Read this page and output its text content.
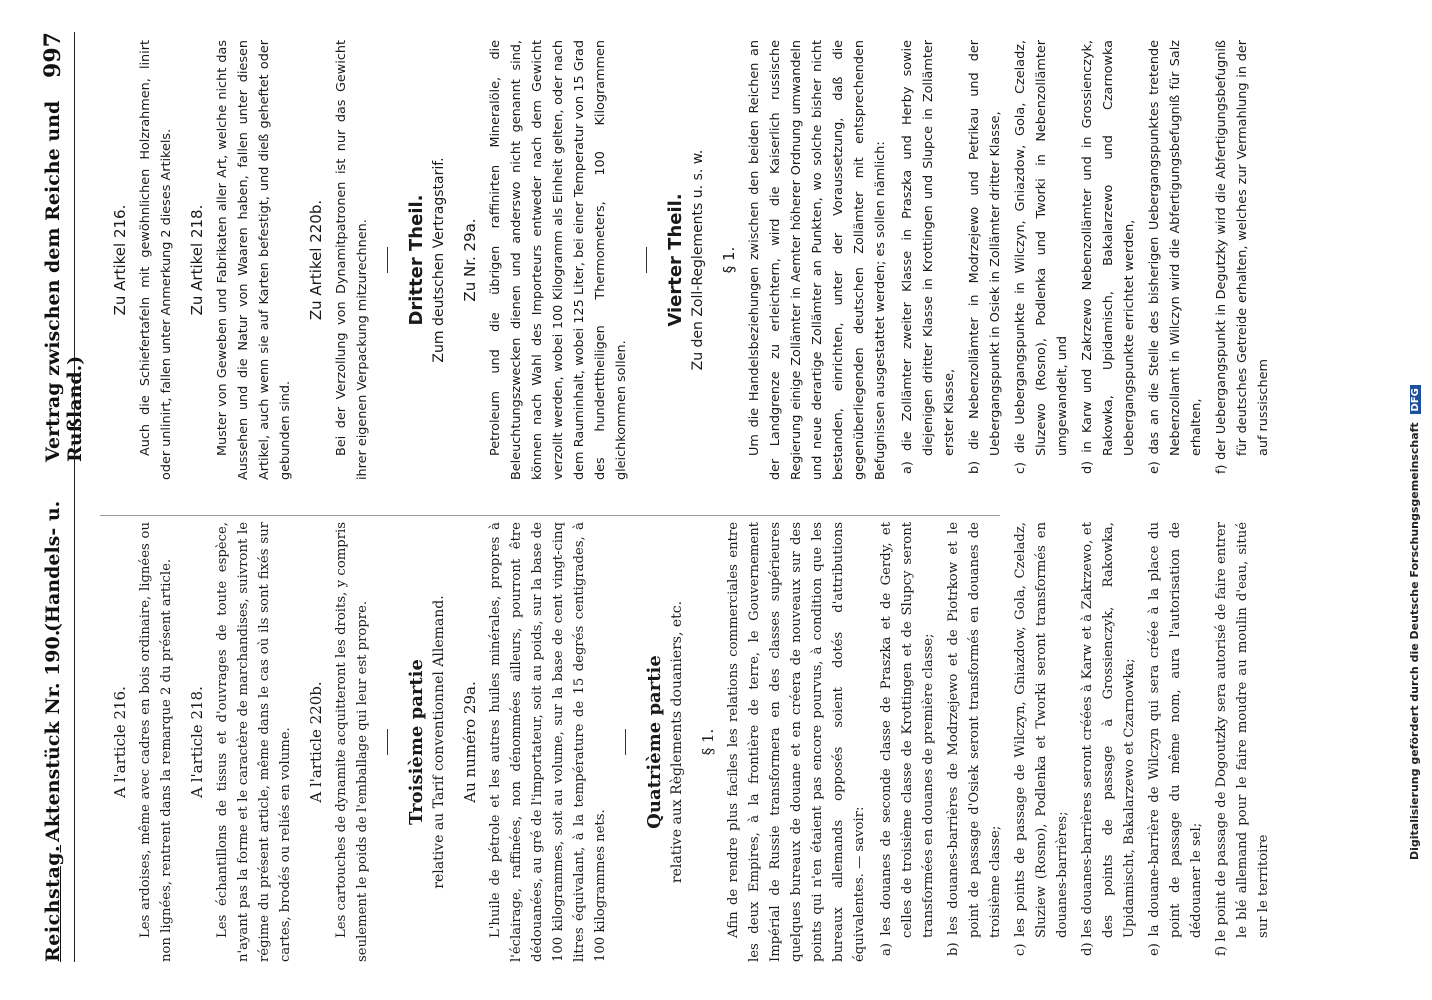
Reichstag.
Aktenstück Nr. 190.
(Handels- u.
Vertrag zwischen dem Reiche und Rußland.)
997
A l'article 216. Les ardoises, même avec cadres en bois ordinaire, lignées ou non lignées, rentrent dans la remarque 2 du présent article. A l'article 218. Les échantillons de tissus et d'ouvrages de toute espèce, n'ayant pas la forme et le caractère de marchandises, suivront le régime du présent article, même dans le cas où ils sont fixés sur cartes, brodés ou reliés en volume. A l'article 220b. Les cartouches de dynamite acquitteront les droits, y compris seulement le poids de l'emballage qui leur est propre. Troisième partie relative au Tarif conventionnel Allemand. Au numéro 29a. L'huile de pétrole et les autres huiles minérales, propres à l'éclairage, raffinées, non dénommées ailleurs, pourront être dédouanées, au gré de l'importateur, soit au poids, sur la base de 100 kilogrammes, soit au volume, sur la base de cent vingt-cinq litres équivalant, à la température de 15 degrés centigrades, à 100 kilogrammes nets.

Quatrième partie relative aux Règlements douaniers, etc. § 1. Afin de rendre plus faciles les relations commerciales entre les deux Empires, à la frontière de terre, le Gouvernement Impérial de Russie transformera en des classes supérieures quelques bureaux de douane et en créera de nouveaux sur des points qui n'en étaient pas encore pourvus, à condition que les bureaux allemands opposés soient dotés d'attributions équivalentes. — savoir: a) les douanes de seconde classe de Praszka et de Gerdy, et celles de troisième classe de Krottingen et de Slupcy seront transformées en douanes de première classe; b) les douanes-barrières de Modrzejewo et de Piotrkow et le point de passage d'Osiek seront transformés en douanes de troisième classe; c) les points de passage de Wilczyn, Gniazdow, Gola, Czeladz, Sluziew (Rosno), Podlenka et Tworki seront transformés en douanes-barrières; d) les douanes-barrières seront créées à Karw et à Zakrzewo, et des points de passage à Grossienczyk, Rakowka, Upidamischt, Bakalarzewo et Czarnowka; e) la douane-barrière de Wilczyn qui sera créée à la place du point de passage du même nom, aura l'autorisation de dédouaner le sel; f) le point de passage de Dogoutzky sera autorisé de faire entrer le blé allemand pour le faire moudre au moulin d'eau, situé sur le territoire
Zu Artikel 216. Auch die Schiefertafeln mit gewöhnlichen Holzrahmen, linirt oder unlinirt, fallen unter Anmerkung 2 dieses Artikels. Zu Artikel 218. Muster von Geweben und Fabrikaten aller Art, welche nicht das Aussehen und die Natur von Waaren haben, fallen unter diesen Artikel, auch wenn sie auf Karten befestigt, und dieß geheftet oder gebunden sind.

Zu Artikel 220b. Bei der Verzollung von Dynamitpatronen ist nur das Gewicht ihrer eigenen Verpackung mitzurechnen. Dritter Theil. Zum deutschen Vertragstarif. Zu Nr. 29a. Petroleum und die übrigen raffinirten Mineralöle, die Beleuchtungszwecken dienen und anderswo nicht genannt sind, können nach Wahl des Importeurs entweder nach dem Gewicht verzollt werden, wobei 100 Kilogramm als Einheit gelten, oder nach dem Rauminhalt, wobei 125 Liter, bei einer Temperatur von 15 Grad des hunderttheiligen Thermometers, 100 Kilogrammen gleichkommen sollen.

Vierter Theil. Zu den Zoll-Reglements u. s. w. § 1. Um die Handelsbeziehungen zwischen den beiden Reichen an der Landgrenze zu erleichtern, wird die Kaiserlich russische Regierung einige Zollämter in Aemter höherer Ordnung umwandeln und neue derartige Zollämter an Punkten, wo solche bisher nicht bestanden, einrichten, unter der Voraussetzung, daß die gegenüberliegenden deutschen Zollämter mit entsprechenden Befugnissen ausgestattet werden; es sollen nämlich: a) die Zollämter zweiter Klasse in Praszka und Herby sowie diejenigen dritter Klasse in Krottingen und Slupce in Zollämter erster Klasse, b) die Nebenzollämter in Modrzejewo und Petrikau und der Uebergangspunkt in Osiek in Zollämter dritter Klasse, c) die Uebergangspunkte in Wilczyn, Gniazdow, Gola, Czeladz, Sluzewo (Rosno), Podlenka und Tworki in Nebenzollämter umgewandelt, und d) in Karw und Zakrzewo Nebenzollämter und in Grossienczyk, Rakowka, Upidamisch, Bakalarzewo und Czarnowka Uebergangspunkte errichtet werden, e) das an die Stelle des bisherigen Uebergangspunktes tretende Nebenzollamt in Wilczyn wird die Abfertigungsbefugniß für Salz erhalten, f) der Uebergangspunkt in Degutzky wird die Abfertigungsbefugniß für deutsches Getreide erhalten, welches zur Vermahlung in der auf russischem
Digitalisierung gefördert durch die Deutsche Forschungsgemeinschaft DFG
